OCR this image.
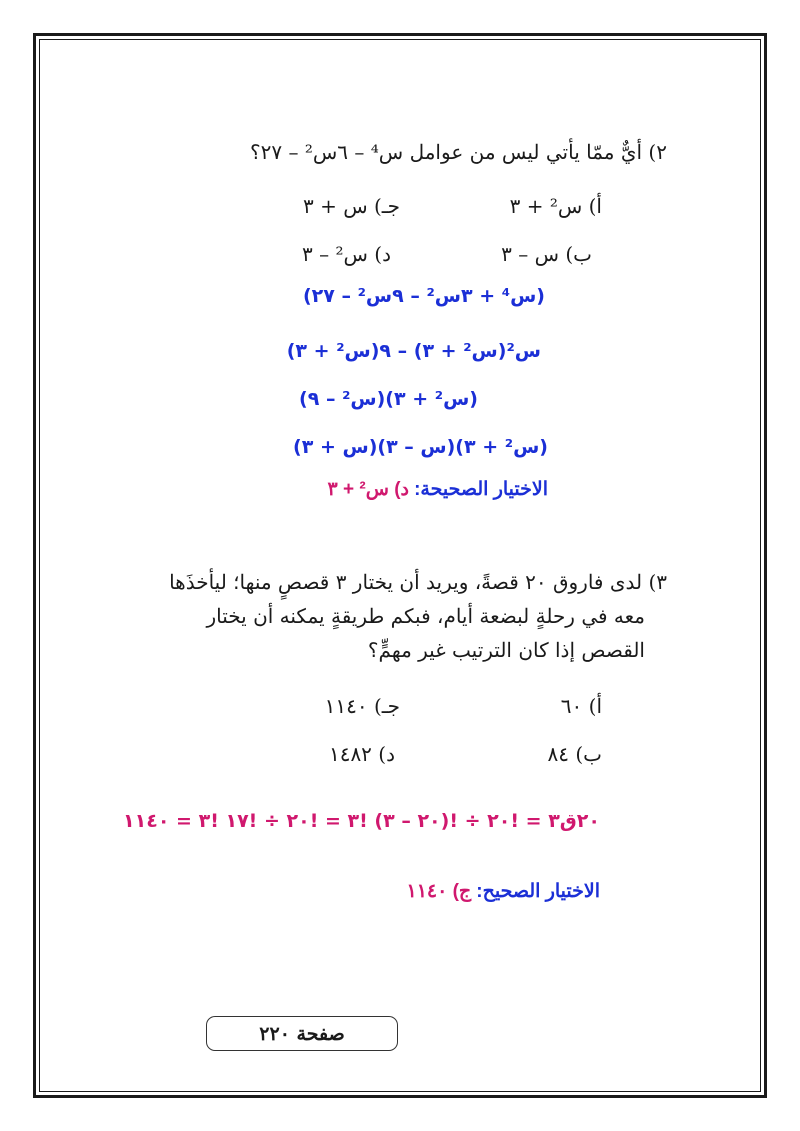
٢) أيٌّ ممّا يأتي ليس من عوامل س⁴ – ٦س² – ٢٧؟
أ) س² + ٣
جـ) س + ٣
ب) س – ٣
د) س² – ٣
(س⁴ + ٣س² – ٩س² – ٢٧)
س²(س² + ٣) – ٩(س² + ٣)
(س² + ٣)(س² – ٩)
(س² + ٣)(س – ٣)(س + ٣)
الاختيار الصحيحة: د) س² + ٣
٣) لدى فاروق ٢٠ قصةً، ويريد أن يختار ٣ قصصٍ منها؛ ليأخذَها
معه في رحلةٍ لبضعة أيام، فبكم طريقةٍ يمكنه أن يختار
القصص إذا كان الترتيب غير مهمٍّ؟
أ) ٦٠
جـ) ١١٤٠
ب) ٨٤
د) ١٤٨٢
٢٠ق٣ = !٢٠ ÷ !(٢٠ – ٣) !٣ = !٢٠ ÷ !١٧ !٣ = ١١٤٠
الاختيار الصحيح: ج) ١١٤٠
صفحة ٢٢٠
